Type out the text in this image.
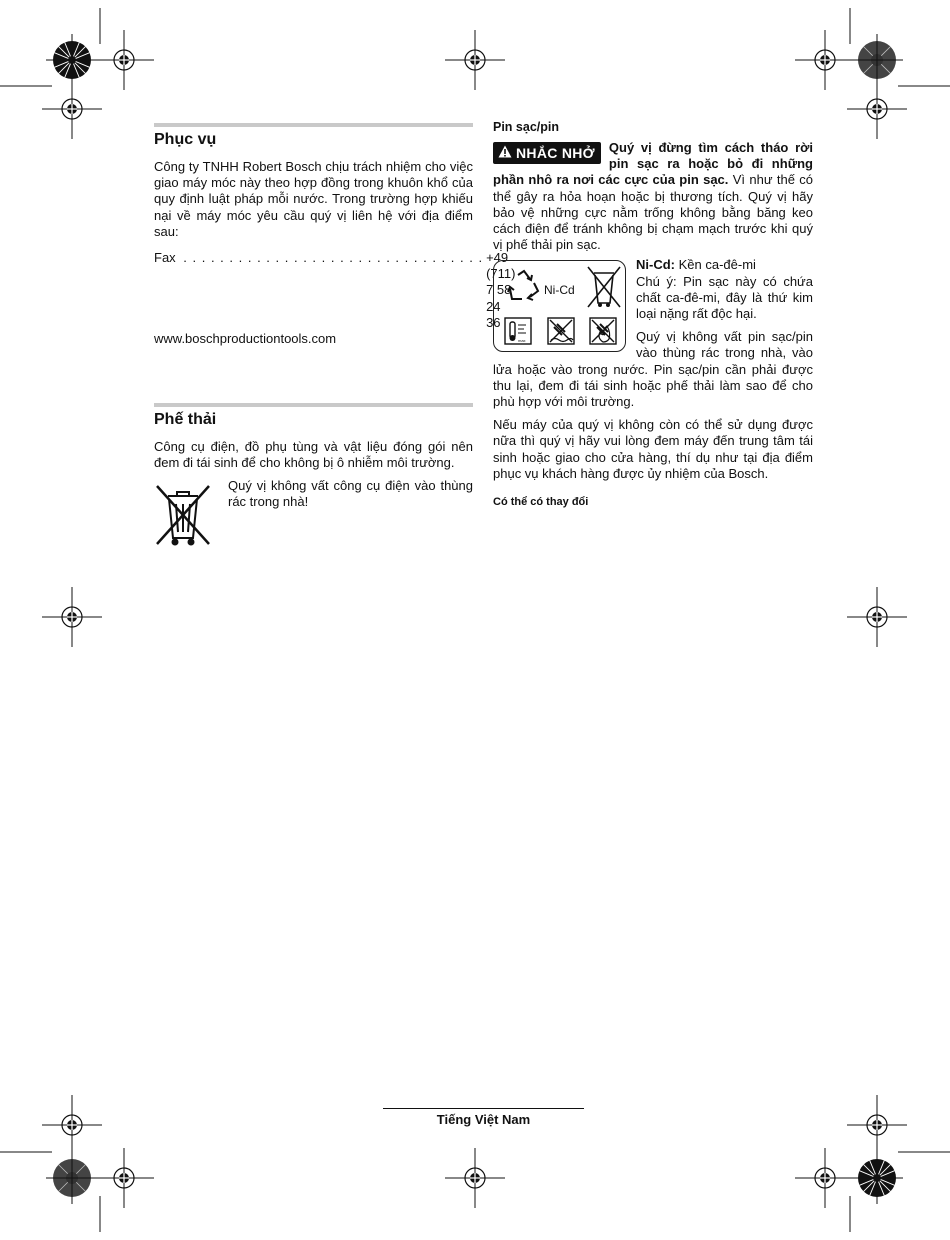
Phục vụ

Công ty TNHH Robert Bosch chịu trách nhiệm cho việc giao máy móc này theo hợp đồng trong khuôn khổ của quy định luật pháp mỗi nước. Trong trường hợp khiếu nại về máy móc yêu cầu quý vị liên hệ với địa điểm sau:

Fax . . . . . . . . . . . . . . . . . . . . . . . . . . . . . . . . . +49 (711) 7 58 24 36

www.boschproductiontools.com

Phế thải

Công cụ điện, đồ phụ tùng và vật liệu đóng gói nên đem đi tái sinh để cho không bị ô nhiễm môi trường.

Quý vị không vất công cụ điện vào thùng rác trong nhà!

Pin sạc/pin
NHẮC NHỞ	Quý vị đừng tìm cách tháo rời pin sạc ra hoặc bỏ đi những phần nhô ra nơi các cực của pin sạc. Vì như thế có thể gây ra hỏa hoạn hoặc bị thương tích. Quý vị hãy bảo vệ những cực nằm trống không bằng băng keo cách điện để tránh không bị chạm mạch trước khi quý vị phế thải pin sạc.

Ni-Cd
max

Ni-Cd: Kền ca-đê-mi

Chú ý: Pin sạc này có chứa chất ca-đê-mi, đây là thứ kim loại nặng rất độc hại.

Quý vị không vất pin sạc/pin vào thùng rác trong nhà, vào lửa hoặc vào trong nước. Pin sạc/pin cần phải được thu lại, đem đi tái sinh hoặc phế thải làm sao để cho phù hợp với môi trường.

Nếu máy của quý vị không còn có thể sử dụng được nữa thì quý vị hãy vui lòng đem máy đến trung tâm tái sinh hoặc giao cho cửa hàng, thí dụ như tại địa điểm phục vụ khách hàng được ủy nhiệm của Bosch.

Có thể có thay đổi
Tiếng Việt Nam
